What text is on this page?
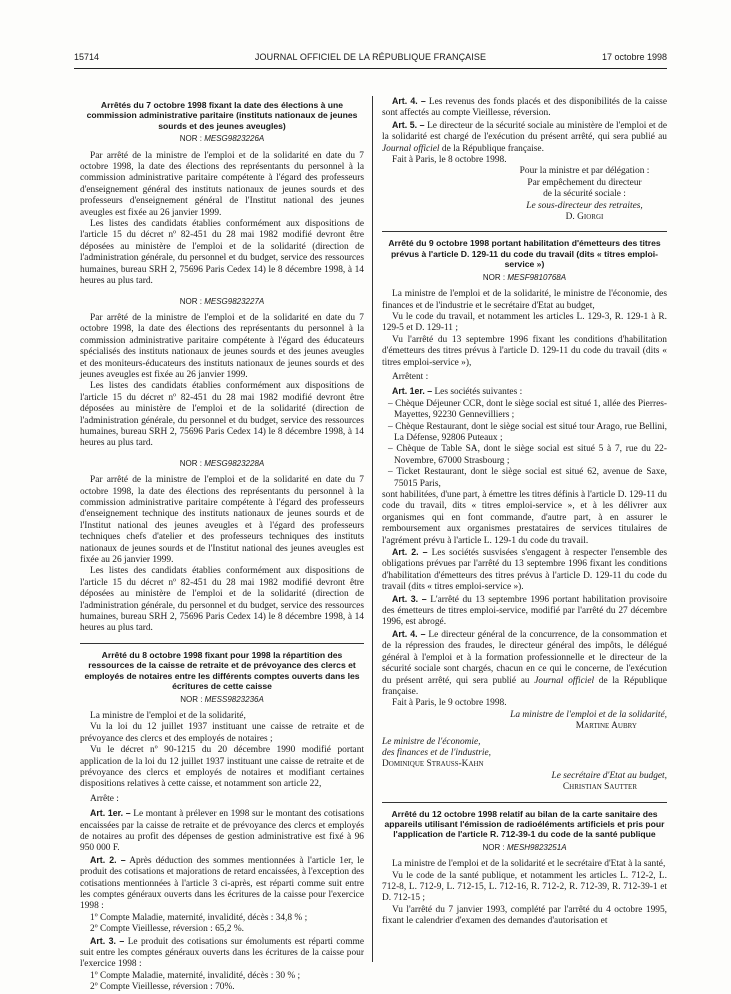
15714	JOURNAL OFFICIEL DE LA RÉPUBLIQUE FRANÇAISE	17 octobre 1998
Arrêtés du 7 octobre 1998 fixant la date des élections à une commission administrative paritaire (instituts nationaux de jeunes sourds et des jeunes aveugles)
NOR : MESG9823226A

Par arrêté de la ministre de l'emploi et de la solidarité en date du 7 octobre 1998, la date des élections des représentants du personnel à la commission administrative paritaire compétente à l'égard des professeurs d'enseignement général des instituts nationaux de jeunes sourds et des professeurs d'enseignement général de l'Institut national des jeunes aveugles est fixée au 26 janvier 1999.

Les listes des candidats établies conformément aux dispositions de l'article 15 du décret nº 82-451 du 28 mai 1982 modifié devront être déposées au ministère de l'emploi et de la solidarité (direction de l'administration générale, du personnel et du budget, service des ressources humaines, bureau SRH 2, 75696 Paris Cedex 14) le 8 décembre 1998, à 14 heures au plus tard.

NOR : MESG9823227A

Par arrêté de la ministre de l'emploi et de la solidarité en date du 7 octobre 1998, la date des élections des représentants du personnel à la commission administrative paritaire compétente à l'égard des éducateurs spécialisés des instituts nationaux de jeunes sourds et des jeunes aveugles et des moniteurs-éducateurs des instituts nationaux de jeunes sourds et des jeunes aveugles est fixée au 26 janvier 1999.

Les listes des candidats établies conformément aux dispositions de l'article 15 du décret nº 82-451 du 28 mai 1982 modifié devront être déposées au ministère de l'emploi et de la solidarité (direction de l'administration générale, du personnel et du budget, service des ressources humaines, bureau SRH 2, 75696 Paris Cedex 14) le 8 décembre 1998, à 14 heures au plus tard.

NOR : MESG9823228A

Par arrêté de la ministre de l'emploi et de la solidarité en date du 7 octobre 1998, la date des élections des représentants du personnel à la commission administrative paritaire compétente à l'égard des professeurs d'enseignement technique des instituts nationaux de jeunes sourds et de l'Institut national des jeunes aveugles et à l'égard des professeurs techniques chefs d'atelier et des professeurs techniques des instituts nationaux de jeunes sourds et de l'Institut national des jeunes aveugles est fixée au 26 janvier 1999.

Les listes des candidats établies conformément aux dispositions de l'article 15 du décret nº 82-451 du 28 mai 1982 modifié devront être déposées au ministère de l'emploi et de la solidarité (direction de l'administration générale, du personnel et du budget, service des ressources humaines, bureau SRH 2, 75696 Paris Cedex 14) le 8 décembre 1998, à 14 heures au plus tard.

Arrêté du 8 octobre 1998 fixant pour 1998 la répartition des ressources de la caisse de retraite et de prévoyance des clercs et employés de notaires entre les différents comptes ouverts dans les écritures de cette caisse
NOR : MESS9823236A

La ministre de l'emploi et de la solidarité,

Vu la loi du 12 juillet 1937 instituant une caisse de retraite et de prévoyance des clercs et des employés de notaires ;

Vu le décret nº 90-1215 du 20 décembre 1990 modifié portant application de la loi du 12 juillet 1937 instituant une caisse de retraite et de prévoyance des clercs et employés de notaires et modifiant certaines dispositions relatives à cette caisse, et notamment son article 22,

Arrête :

Art. 1er. – Le montant à prélever en 1998 sur le montant des cotisations encaissées par la caisse de retraite et de prévoyance des clercs et employés de notaires au profit des dépenses de gestion administrative est fixé à 96 950 000 F.

Art. 2. – Après déduction des sommes mentionnées à l'article 1er, le produit des cotisations et majorations de retard encaissées, à l'exception des cotisations mentionnées à l'article 3 ci-après, est réparti comme suit entre les comptes généraux ouverts dans les écritures de la caisse pour l'exercice 1998 :

1º Compte Maladie, maternité, invalidité, décès : 34,8 % ;

2º Compte Vieillesse, réversion : 65,2 %.

Art. 3. – Le produit des cotisations sur émoluments est réparti comme suit entre les comptes généraux ouverts dans les écritures de la caisse pour l'exercice 1998 :

1º Compte Maladie, maternité, invalidité, décès : 30 % ;

2º Compte Vieillesse, réversion : 70%.

Art. 4. – Les revenus des fonds placés et des disponibilités de la caisse sont affectés au compte Vieillesse, réversion.

Art. 5. – Le directeur de la sécurité sociale au ministère de l'emploi et de la solidarité est chargé de l'exécution du présent arrêté, qui sera publié au Journal officiel de la République française.

Fait à Paris, le 8 octobre 1998.

Pour la ministre et par délégation :
Par empêchement du directeur
de la sécurité sociale :
Le sous-directeur des retraites,
D. Giorgi
Arrêté du 9 octobre 1998 portant habilitation d'émetteurs des titres prévus à l'article D. 129-11 du code du travail (dits « titres emploi-service »)
NOR : MESF9810768A

La ministre de l'emploi et de la solidarité, le ministre de l'économie, des finances et de l'industrie et le secrétaire d'Etat au budget,

Vu le code du travail, et notamment les articles L. 129-3, R. 129-1 à R. 129-5 et D. 129-11 ;

Vu l'arrêté du 13 septembre 1996 fixant les conditions d'habilitation d'émetteurs des titres prévus à l'article D. 129-11 du code du travail (dits « titres emploi-service »),

Arrêtent :

Art. 1er. – Les sociétés suivantes :

– Chèque Déjeuner CCR, dont le siège social est situé 1, allée des Pierres-Mayettes, 92230 Gennevilliers ;
– Chèque Restaurant, dont le siège social est situé tour Arago, rue Bellini, La Défense, 92806 Puteaux ;
– Chèque de Table SA, dont le siège social est situé 5 à 7, rue du 22-Novembre, 67000 Strasbourg ;
– Ticket Restaurant, dont le siège social est situé 62, avenue de Saxe, 75015 Paris,

sont habilitées, d'une part, à émettre les titres définis à l'article D. 129-11 du code du travail, dits « titres emploi-service », et à les délivrer aux organismes qui en font commande, d'autre part, à en assurer le remboursement aux organismes prestataires de services titulaires de l'agrément prévu à l'article L. 129-1 du code du travail.

Art. 2. – Les sociétés susvisées s'engagent à respecter l'ensemble des obligations prévues par l'arrêté du 13 septembre 1996 fixant les conditions d'habilitation d'émetteurs des titres prévus à l'article D. 129-11 du code du travail (dits « titres emploi-service »).

Art. 3. – L'arrêté du 13 septembre 1996 portant habilitation provisoire des émetteurs de titres emploi-service, modifié par l'arrêté du 27 décembre 1996, est abrogé.

Art. 4. – Le directeur général de la concurrence, de la consommation et de la répression des fraudes, le directeur général des impôts, le délégué général à l'emploi et à la formation professionnelle et le directeur de la sécurité sociale sont chargés, chacun en ce qui le concerne, de l'exécution du présent arrêté, qui sera publié au Journal officiel de la République française.

Fait à Paris, le 9 octobre 1998.

La ministre de l'emploi et de la solidarité,

Martine Aubry

Le ministre de l'économie,
des finances et de l'industrie,
Dominique Strauss-Kahn

Le secrétaire d'Etat au budget,

Christian Sautter

Arrêté du 12 octobre 1998 relatif au bilan de la carte sanitaire des appareils utilisant l'émission de radioéléments artificiels et pris pour l'application de l'article R. 712-39-1 du code de la santé publique
NOR : MESH9823251A

La ministre de l'emploi et de la solidarité et le secrétaire d'Etat à la santé,

Vu le code de la santé publique, et notamment les articles L. 712-2, L. 712-8, L. 712-9, L. 712-15, L. 712-16, R. 712-2, R. 712-39, R. 712-39-1 et D. 712-15 ;

Vu l'arrêté du 7 janvier 1993, complété par l'arrêté du 4 octobre 1995, fixant le calendrier d'examen des demandes d'autorisation et
